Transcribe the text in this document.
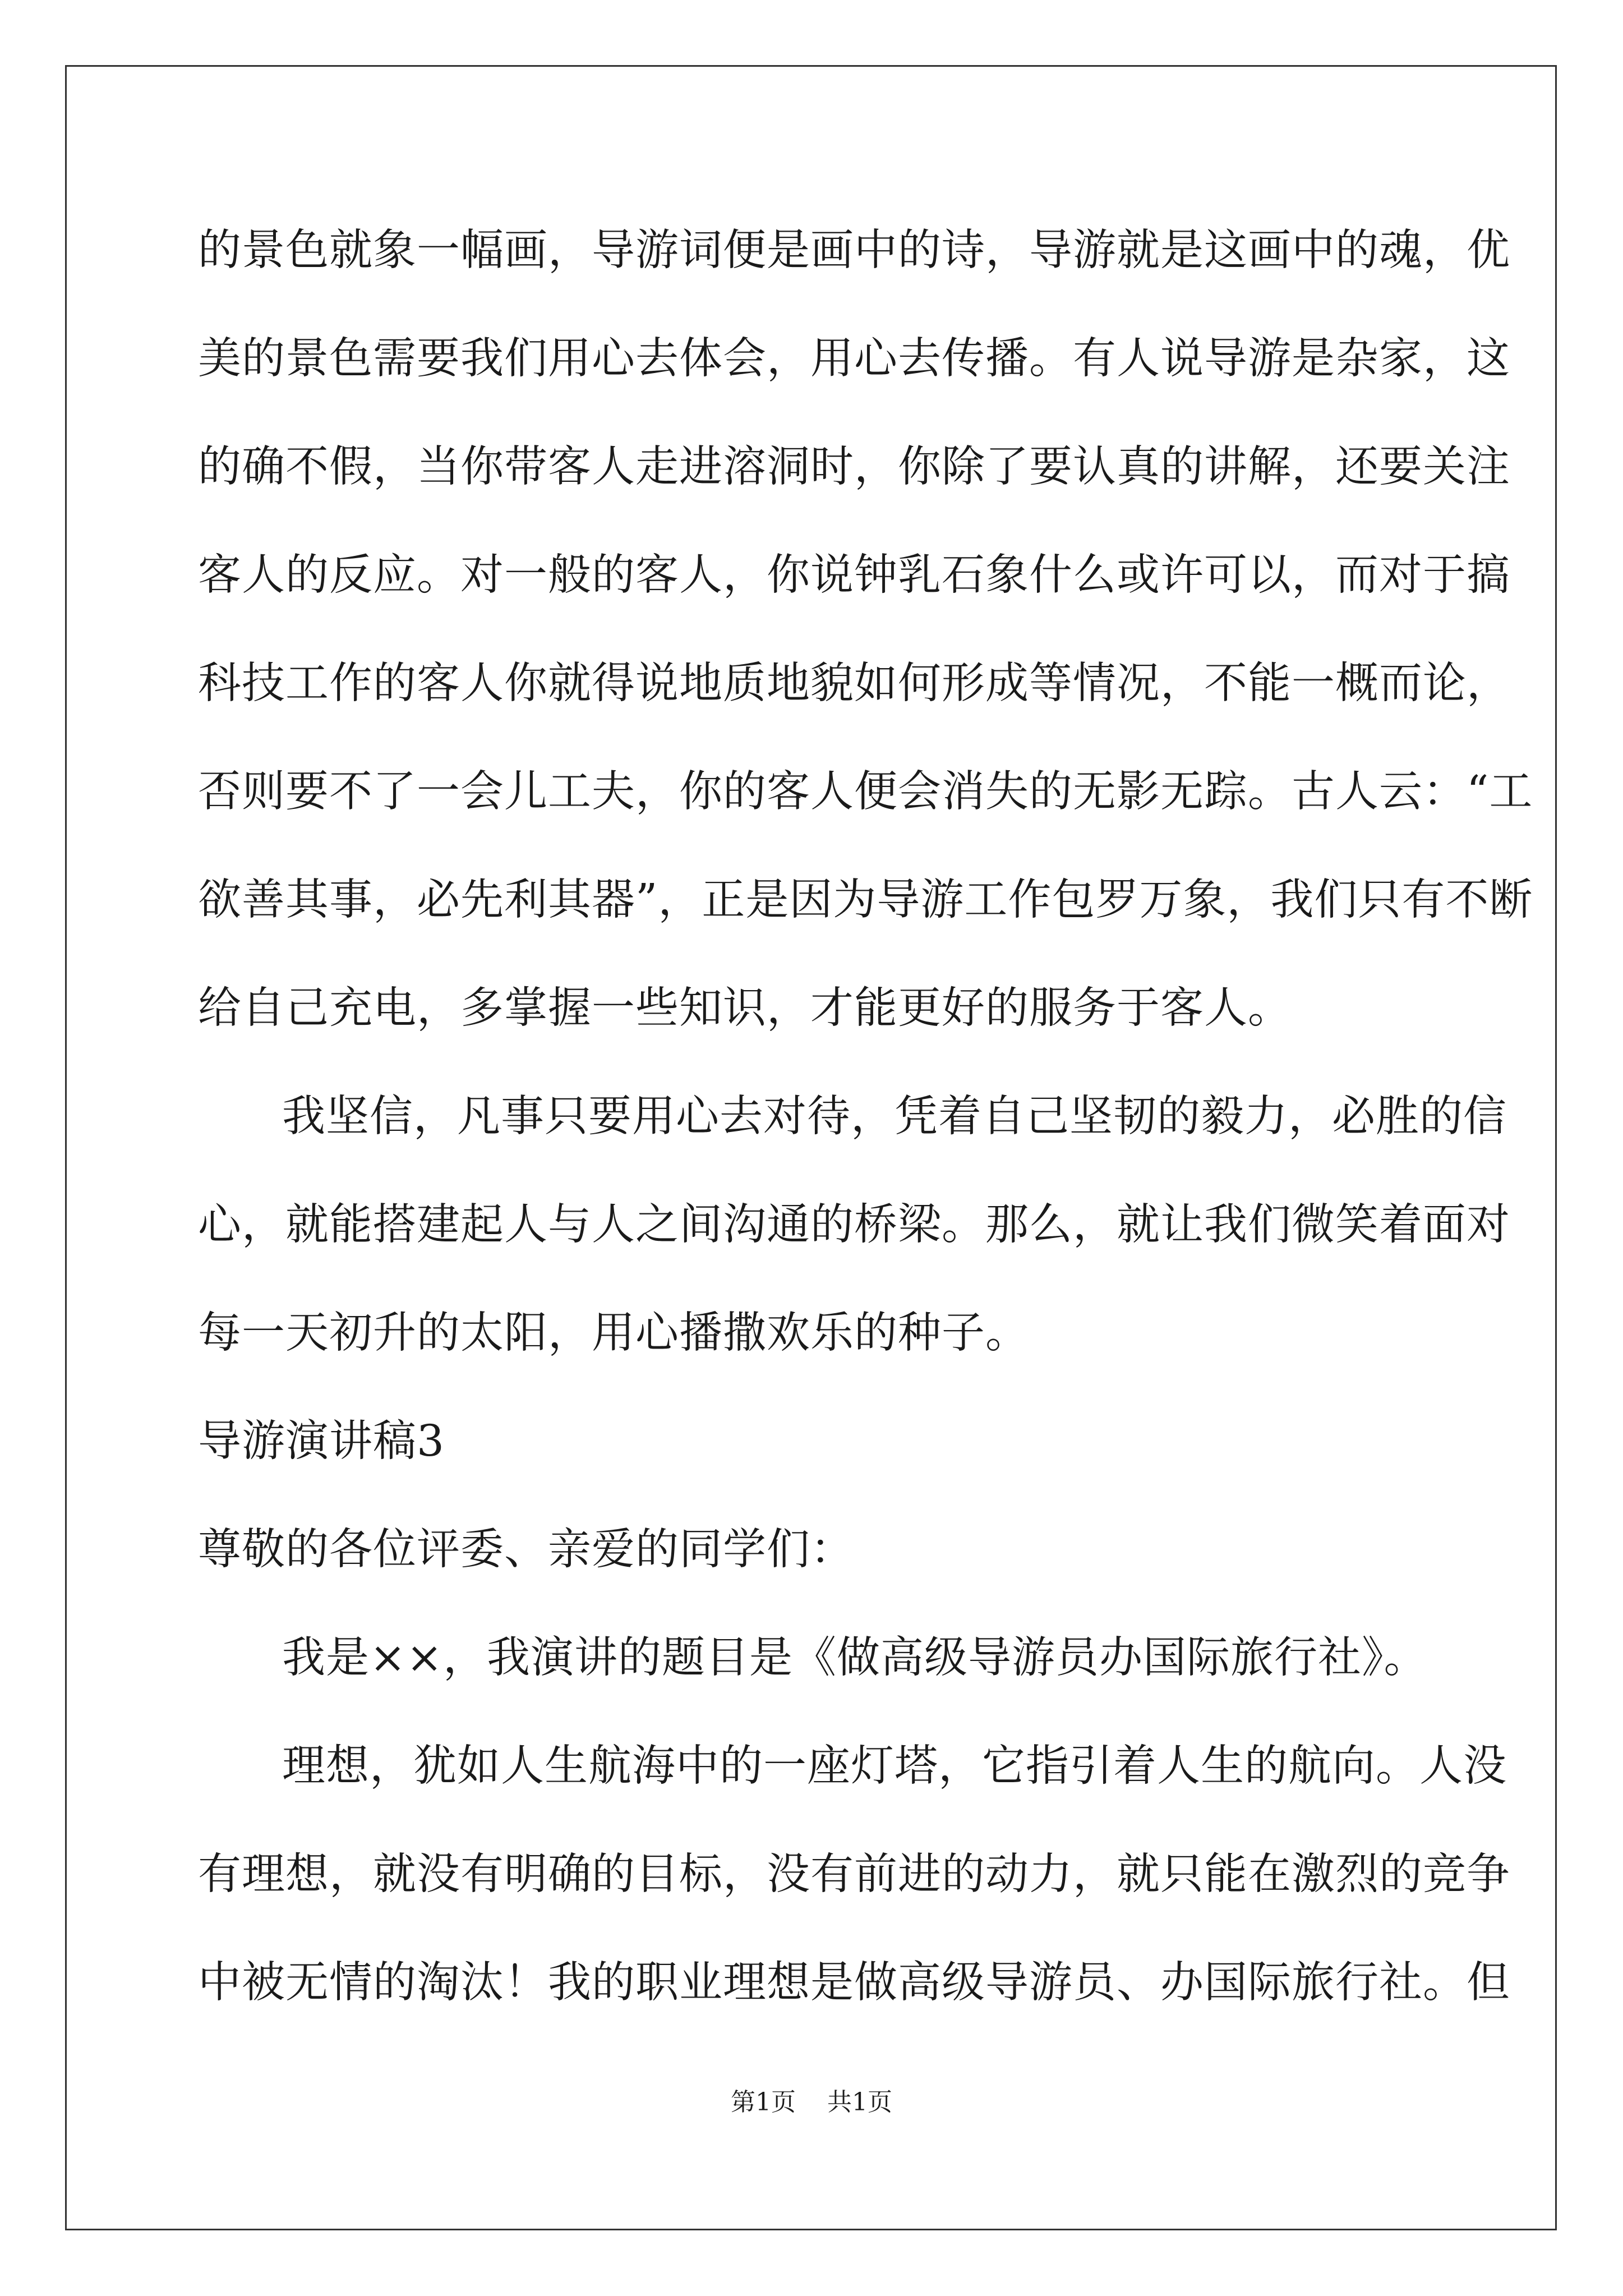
的景色就象一幅画，导游词便是画中的诗，导游就是这画中的魂，优
美的景色需要我们用心去体会，用心去传播。有人说导游是杂家，这
的确不假，当你带客人走进溶洞时，你除了要认真的讲解，还要关注
客人的反应。对一般的客人，你说钟乳石象什么或许可以，而对于搞
科技工作的客人你就得说地质地貌如何形成等情况，不能一概而论，
否则要不了一会儿工夫，你的客人便会消失的无影无踪。古人云：“工
欲善其事，必先利其器”，正是因为导游工作包罗万象，我们只有不断
给自己充电，多掌握一些知识，才能更好的服务于客人。
我坚信，凡事只要用心去对待，凭着自己坚韧的毅力，必胜的信
心，就能搭建起人与人之间沟通的桥梁。那么，就让我们微笑着面对
每一天初升的太阳，用心播撒欢乐的种子。
导游演讲稿3
尊敬的各位评委、亲爱的同学们：
我是××，我演讲的题目是《做高级导游员办国际旅行社》。
理想，犹如人生航海中的一座灯塔，它指引着人生的航向。人没
有理想，就没有明确的目标，没有前进的动力，就只能在激烈的竞争
中被无情的淘汰！我的职业理想是做高级导游员、办国际旅行社。但
第1页 共1页
